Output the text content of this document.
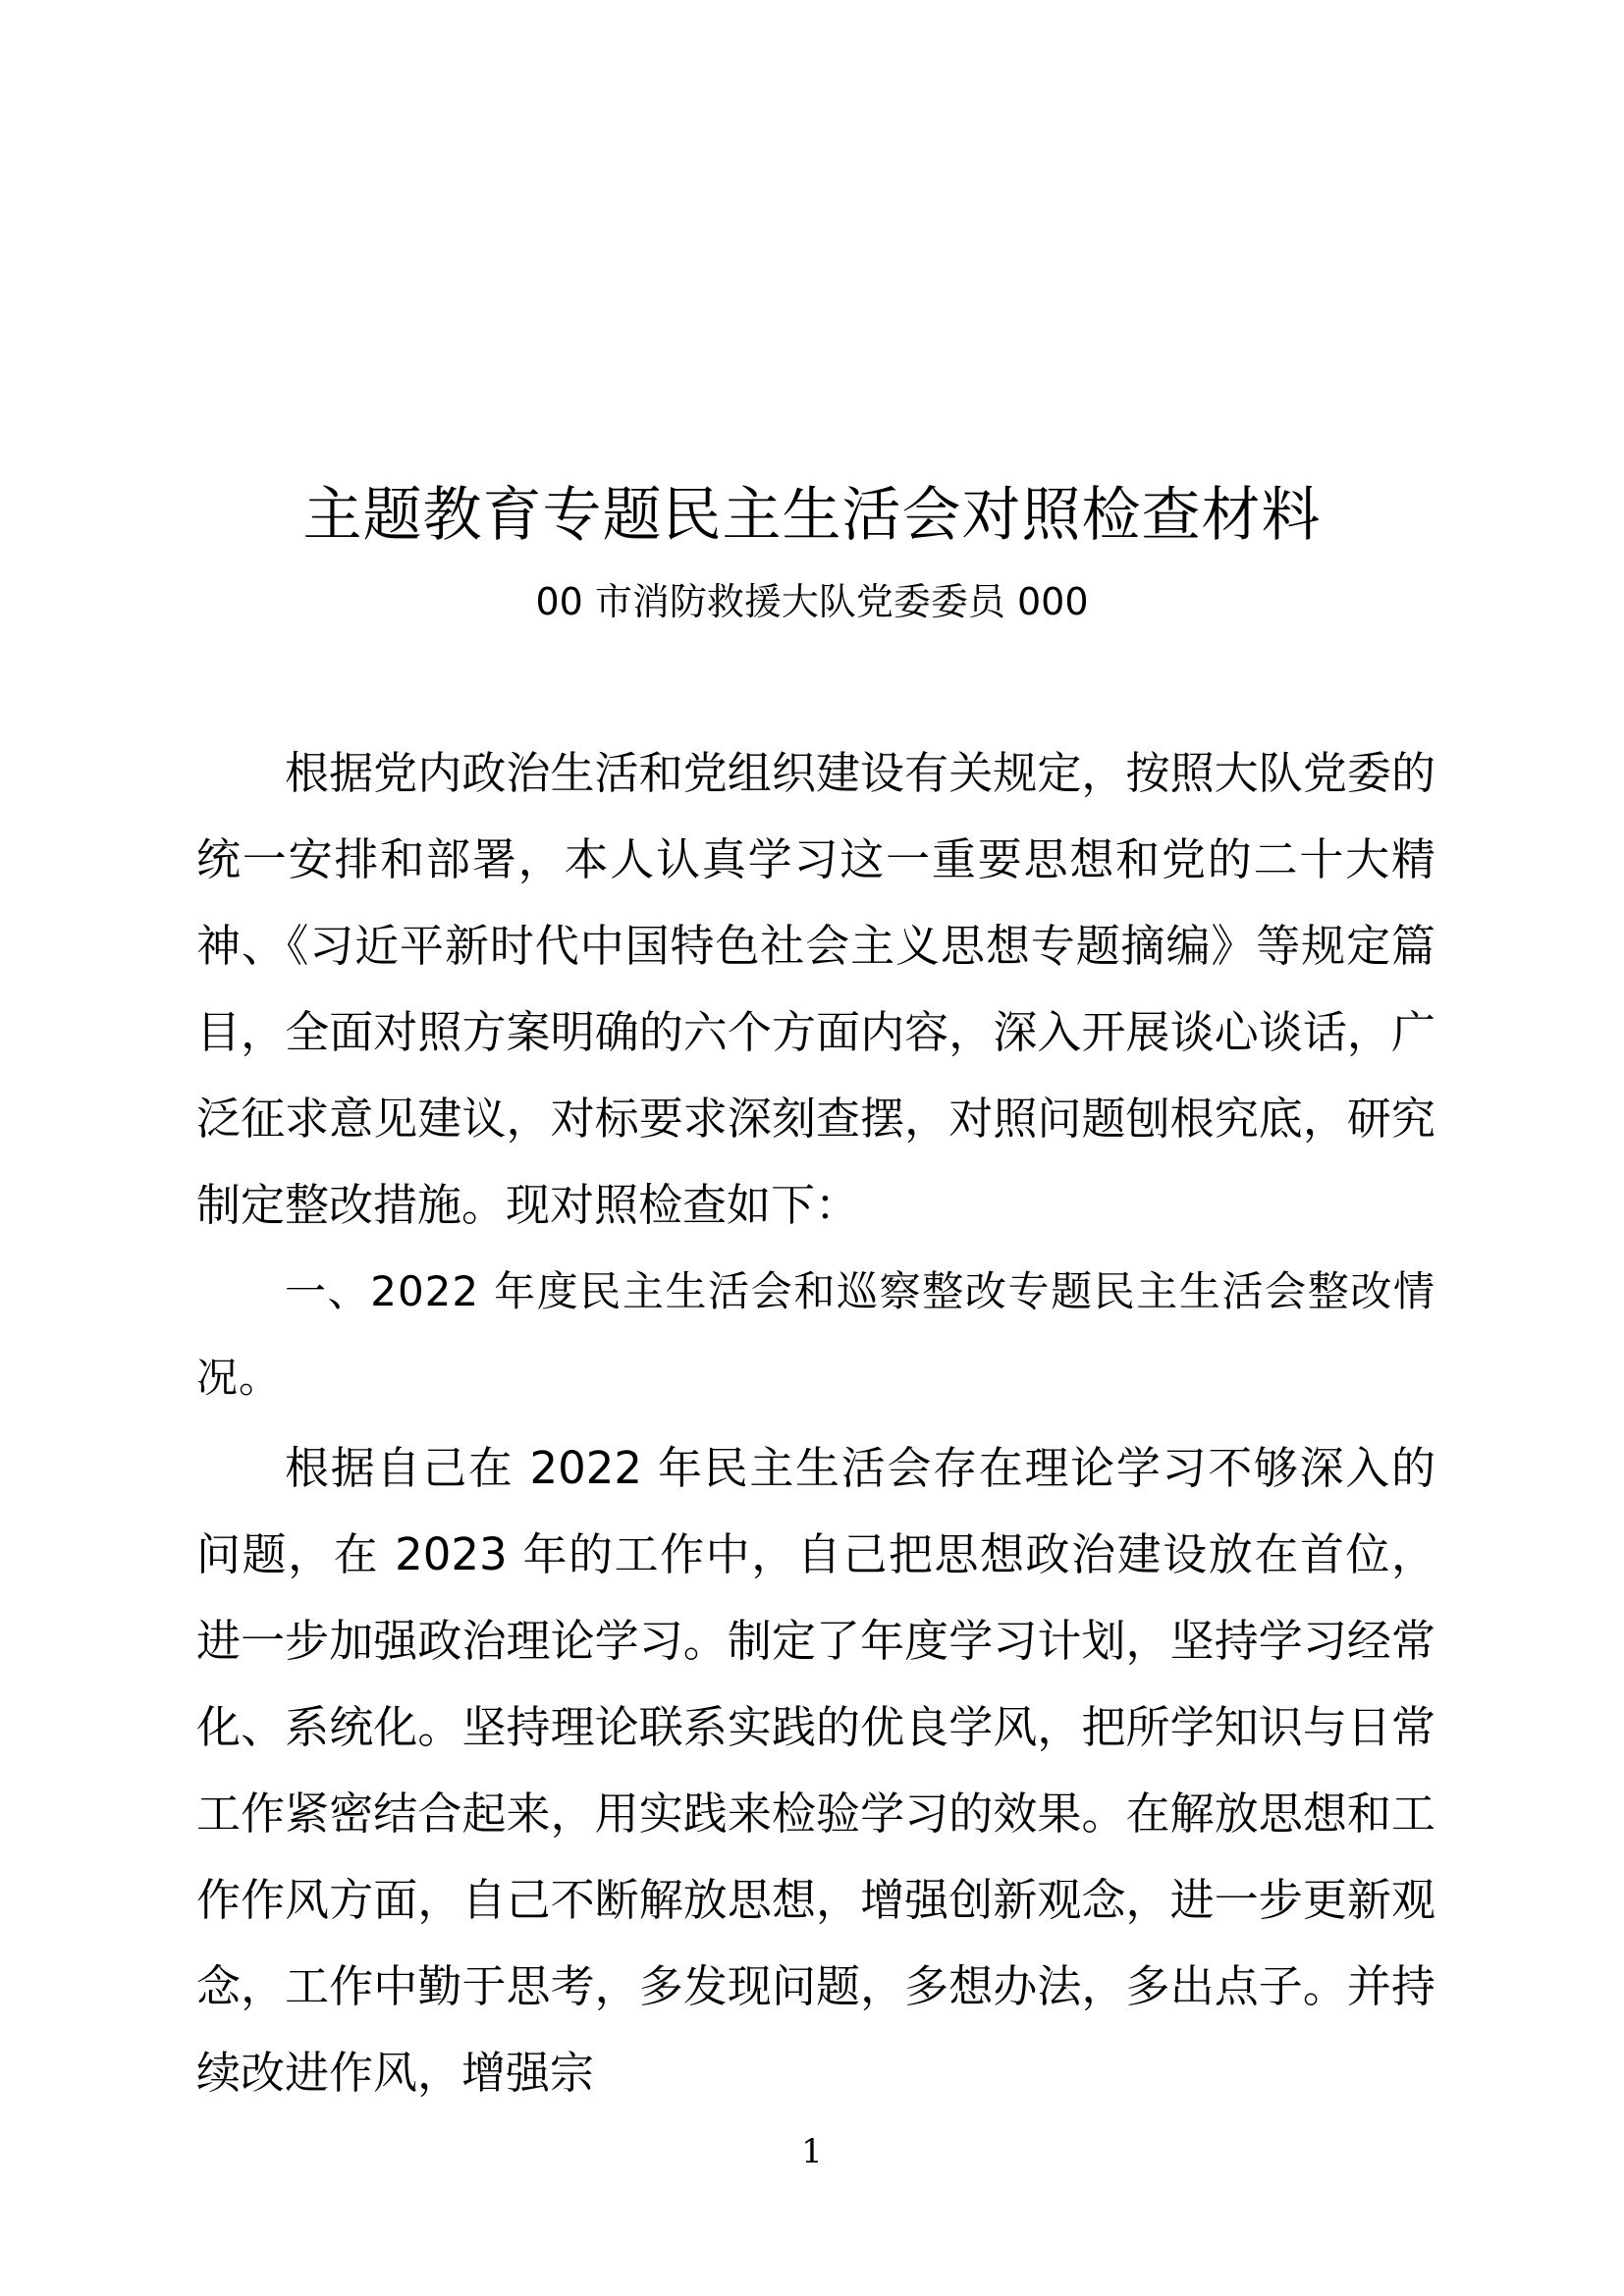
主题教育专题民主生活会对照检查材料
00 市消防救援大队党委委员 000

根据党内政治生活和党组织建设有关规定，按照大队党委的统一安排和部署，本人认真学习这一重要思想和党的二十大精神、《习近平新时代中国特色社会主义思想专题摘编》等规定篇目，全面对照方案明确的六个方面内容，深入开展谈心谈话，广泛征求意见建议，对标要求深刻查摆，对照问题刨根究底，研究制定整改措施。现对照检查如下：

一、2022 年度民主生活会和巡察整改专题民主生活会整改情况。

根据自己在 2022 年民主生活会存在理论学习不够深入的问题，在 2023 年的工作中，自己把思想政治建设放在首位，进一步加强政治理论学习。制定了年度学习计划，坚持学习经常化、系统化。坚持理论联系实践的优良学风，把所学知识与日常工作紧密结合起来，用实践来检验学习的效果。在解放思想和工作作风方面，自己不断解放思想，增强创新观念，进一步更新观念，工作中勤于思考，多发现问题，多想办法，多出点子。并持续改进作风，增强宗

1
